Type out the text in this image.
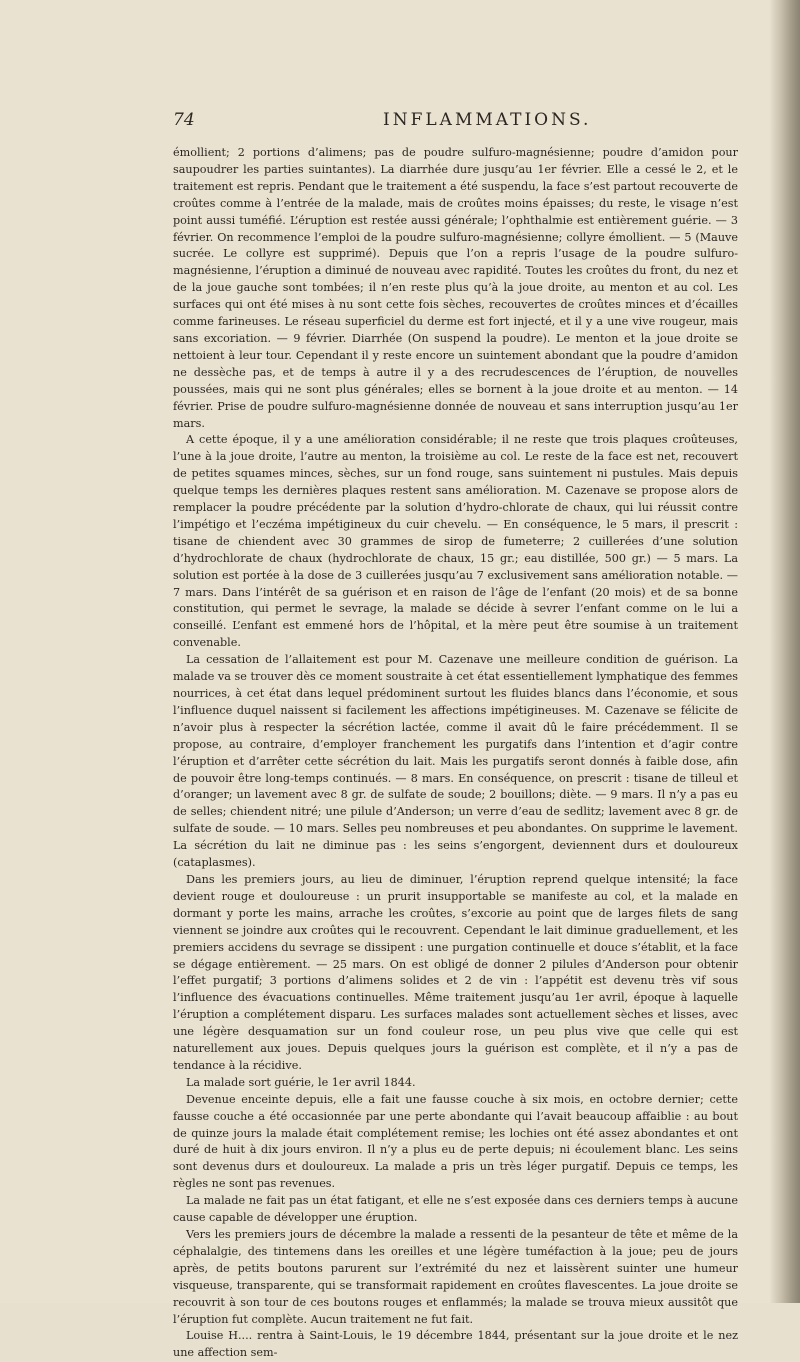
74	INFLAMMATIONS.

émollient; 2 portions d’alimens; pas de poudre sulfuro-magnésienne; poudre d’amidon pour saupoudrer les parties suintantes). La diarrhée dure jusqu’au 1er février. Elle a cessé le 2, et le traitement est repris. Pendant que le traitement a été suspendu, la face s’est partout recouverte de croûtes comme à l’entrée de la malade, mais de croûtes moins épaisses; du reste, le visage n’est point aussi tuméfié. L’éruption est restée aussi générale; l’ophthalmie est entièrement guérie. — 3 février. On recommence l’emploi de la poudre sulfuro-magnésienne; collyre émollient. — 5 (Mauve sucrée. Le collyre est supprimé). Depuis que l’on a repris l’usage de la poudre sulfuro-magnésienne, l’éruption a diminué de nouveau avec rapidité. Toutes les croûtes du front, du nez et de la joue gauche sont tombées; il n’en reste plus qu’à la joue droite, au menton et au col. Les surfaces qui ont été mises à nu sont cette fois sèches, recouvertes de croûtes minces et d’écailles comme farineuses. Le réseau superficiel du derme est fort injecté, et il y a une vive rougeur, mais sans excoriation. — 9 février. Diarrhée (On suspend la poudre). Le menton et la joue droite se nettoient à leur tour. Cependant il y reste encore un suintement abondant que la poudre d’amidon ne dessèche pas, et de temps à autre il y a des recrudescences de l’éruption, de nouvelles poussées, mais qui ne sont plus générales; elles se bornent à la joue droite et au menton. — 14 février. Prise de poudre sulfuro-magnésienne donnée de nouveau et sans interruption jusqu’au 1er mars.

A cette époque, il y a une amélioration considérable; il ne reste que trois plaques croûteuses, l’une à la joue droite, l’autre au menton, la troisième au col. Le reste de la face est net, recouvert de petites squames minces, sèches, sur un fond rouge, sans suintement ni pustules. Mais depuis quelque temps les dernières plaques restent sans amélioration. M. Cazenave se propose alors de remplacer la poudre précédente par la solution d’hydro-chlorate de chaux, qui lui réussit contre l’impétigo et l’eczéma impétigineux du cuir chevelu. — En conséquence, le 5 mars, il prescrit : tisane de chiendent avec 30 grammes de sirop de fumeterre; 2 cuillerées d’une solution d’hydrochlorate de chaux (hydrochlorate de chaux, 15 gr.; eau distillée, 500 gr.) — 5 mars. La solution est portée à la dose de 3 cuillerées jusqu’au 7 exclusivement sans amélioration notable. — 7 mars. Dans l’intérêt de sa guérison et en raison de l’âge de l’enfant (20 mois) et de sa bonne constitution, qui permet le sevrage, la malade se décide à sevrer l’enfant comme on le lui a conseillé. L’enfant est emmené hors de l’hôpital, et la mère peut être soumise à un traitement convenable.

La cessation de l’allaitement est pour M. Cazenave une meilleure condition de guérison. La malade va se trouver dès ce moment soustraite à cet état essentiellement lymphatique des femmes nourrices, à cet état dans lequel prédominent surtout les fluides blancs dans l’économie, et sous l’influence duquel naissent si facilement les affections impétigineuses. M. Cazenave se félicite de n’avoir plus à respecter la sécrétion lactée, comme il avait dû le faire précédemment. Il se propose, au contraire, d’employer franchement les purgatifs dans l’intention et d’agir contre l’éruption et d’arrêter cette sécrétion du lait. Mais les purgatifs seront donnés à faible dose, afin de pouvoir être long-temps continués. — 8 mars. En conséquence, on prescrit : tisane de tilleul et d’oranger; un lavement avec 8 gr. de sulfate de soude; 2 bouillons; diète. — 9 mars. Il n’y a pas eu de selles; chiendent nitré; une pilule d’Anderson; un verre d’eau de sedlitz; lavement avec 8 gr. de sulfate de soude. — 10 mars. Selles peu nombreuses et peu abondantes. On supprime le lavement. La sécrétion du lait ne diminue pas : les seins s’engorgent, deviennent durs et douloureux (cataplasmes).

Dans les premiers jours, au lieu de diminuer, l’éruption reprend quelque intensité; la face devient rouge et douloureuse : un prurit insupportable se manifeste au col, et la malade en dormant y porte les mains, arrache les croûtes, s’excorie au point que de larges filets de sang viennent se joindre aux croûtes qui le recouvrent. Cependant le lait diminue graduellement, et les premiers accidens du sevrage se dissipent : une purgation continuelle et douce s’établit, et la face se dégage entièrement. — 25 mars. On est obligé de donner 2 pilules d’Anderson pour obtenir l’effet purgatif; 3 portions d’alimens solides et 2 de vin : l’appétit est devenu très vif sous l’influence des évacuations continuelles. Même traitement jusqu’au 1er avril, époque à laquelle l’éruption a complétement disparu. Les surfaces malades sont actuellement sèches et lisses, avec une légère desquamation sur un fond couleur rose, un peu plus vive que celle qui est naturellement aux joues. Depuis quelques jours la guérison est complète, et il n’y a pas de tendance à la récidive.

La malade sort guérie, le 1er avril 1844.

Devenue enceinte depuis, elle a fait une fausse couche à six mois, en octobre dernier; cette fausse couche a été occasionnée par une perte abondante qui l’avait beaucoup affaiblie : au bout de quinze jours la malade était complétement remise; les lochies ont été assez abondantes et ont duré de huit à dix jours environ. Il n’y a plus eu de perte depuis; ni écoulement blanc. Les seins sont devenus durs et douloureux. La malade a pris un très léger purgatif. Depuis ce temps, les règles ne sont pas revenues.

La malade ne fait pas un état fatigant, et elle ne s’est exposée dans ces derniers temps à aucune cause capable de développer une éruption.

Vers les premiers jours de décembre la malade a ressenti de la pesanteur de tête et même de la céphalalgie, des tintemens dans les oreilles et une légère tuméfaction à la joue; peu de jours après, de petits boutons parurent sur l’extrémité du nez et laissèrent suinter une humeur visqueuse, transparente, qui se transformait rapidement en croûtes flavescentes. La joue droite se recouvrit à son tour de ces boutons rouges et enflammés; la malade se trouva mieux aussitôt que l’éruption fut complète. Aucun traitement ne fut fait.

Louise H.... rentra à Saint-Louis, le 19 décembre 1844, présentant sur la joue droite et le nez une affection sem-
